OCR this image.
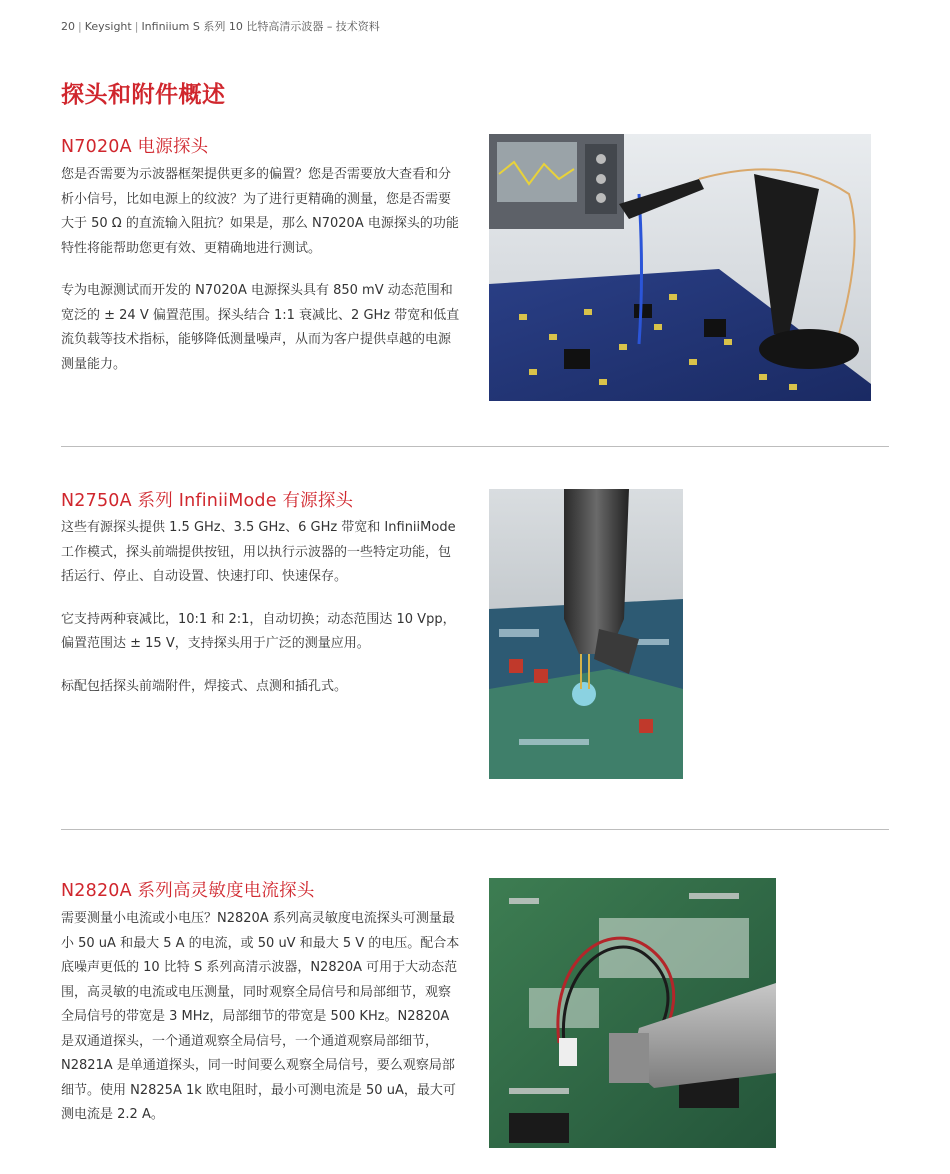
20 | Keysight | Infiniium S 系列 10 比特高清示波器 – 技术资料
探头和附件概述
N7020A 电源探头

您是否需要为示波器框架提供更多的偏置？您是否需要放大查看和分析小信号，比如电源上的纹波？为了进行更精确的测量，您是否需要大于 50 Ω 的直流输入阻抗？如果是，那么 N7020A 电源探头的功能特性将能帮助您更有效、更精确地进行测试。

专为电源测试而开发的 N7020A 电源探头具有 850 mV 动态范围和宽泛的 ± 24 V 偏置范围。探头结合 1:1 衰减比、2 GHz 带宽和低直流负载等技术指标，能够降低测量噪声，从而为客户提供卓越的电源测量能力。

N2750A 系列 InfiniiMode 有源探头

这些有源探头提供 1.5 GHz、3.5 GHz、6 GHz 带宽和 InfiniiMode 工作模式，探头前端提供按钮，用以执行示波器的一些特定功能，包括运行、停止、自动设置、快速打印、快速保存。

它支持两种衰减比，10:1 和 2:1，自动切换；动态范围达 10 Vpp，偏置范围达 ± 15 V，支持探头用于广泛的测量应用。

标配包括探头前端附件，焊接式、点测和插孔式。

N2820A 系列高灵敏度电流探头

需要测量小电流或小电压？N2820A 系列高灵敏度电流探头可测量最小 50 uA 和最大 5 A 的电流，或 50 uV 和最大 5 V 的电压。配合本底噪声更低的 10 比特 S 系列高清示波器，N2820A 可用于大动态范围，高灵敏的电流或电压测量，同时观察全局信号和局部细节，观察全局信号的带宽是 3 MHz，局部细节的带宽是 500 KHz。N2820A 是双通道探头，一个通道观察全局信号，一个通道观察局部细节，N2821A 是单通道探头，同一时间要么观察全局信号，要么观察局部细节。使用 N2825A 1k 欧电阻时，最小可测电流是 50 uA，最大可测电流是 2.2 A。
